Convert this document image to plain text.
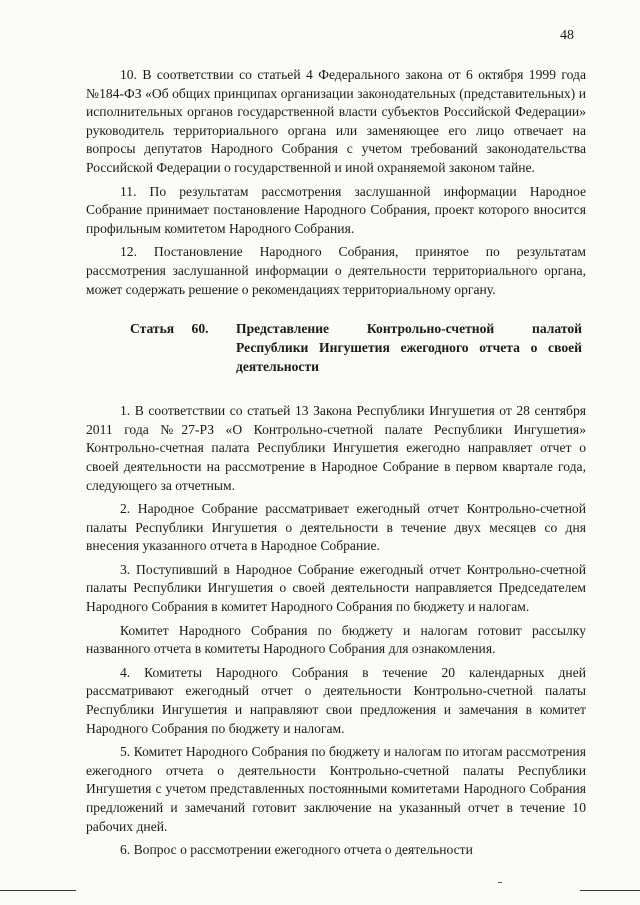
48

10. В соответствии со статьей 4 Федерального закона от 6 октября 1999 года №184-ФЗ «Об общих принципах организации законодательных (представительных) и исполнительных органов государственной власти субъектов Российской Федерации» руководитель территориального органа или заменяющее его лицо отвечает на вопросы депутатов Народного Собрания с учетом требований законодательства Российской Федерации о государственной и иной охраняемой законом тайне.

11. По результатам рассмотрения заслушанной информации Народное Собрание принимает постановление Народного Собрания, проект которого вносится профильным комитетом Народного Собрания.

12. Постановление Народного Собрания, принятое по результатам рассмотрения заслушанной информации о деятельности территориального органа, может содержать решение о рекомендациях территориальному органу.

Статья 60.	Представление Контрольно-счетной палатой Республики Ингушетия ежегодного отчета о своей деятельности

1. В соответствии со статьей 13 Закона Республики Ингушетия от 28 сентября 2011 года №27-РЗ «О Контрольно-счетной палате Республики Ингушетия» Контрольно-счетная палата Республики Ингушетия ежегодно направляет отчет о своей деятельности на рассмотрение в Народное Собрание в первом квартале года, следующего за отчетным.

2. Народное Собрание рассматривает ежегодный отчет Контрольно-счетной палаты Республики Ингушетия о деятельности в течение двух месяцев со дня внесения указанного отчета в Народное Собрание.

3. Поступивший в Народное Собрание ежегодный отчет Контрольно-счетной палаты Республики Ингушетия о своей деятельности направляется Председателем Народного Собрания в комитет Народного Собрания по бюджету и налогам.

Комитет Народного Собрания по бюджету и налогам готовит рассылку названного отчета в комитеты Народного Собрания для ознакомления.

4. Комитеты Народного Собрания в течение 20 календарных дней рассматривают ежегодный отчет о деятельности Контрольно-счетной палаты Республики Ингушетия и направляют свои предложения и замечания в комитет Народного Собрания по бюджету и налогам.

5. Комитет Народного Собрания по бюджету и налогам по итогам рассмотрения ежегодного отчета о деятельности Контрольно-счетной палаты Республики Ингушетия с учетом представленных постоянными комитетами Народного Собрания предложений и замечаний готовит заключение на указанный отчет в течение 10 рабочих дней.

6. Вопрос о рассмотрении ежегодного отчета о деятельности
